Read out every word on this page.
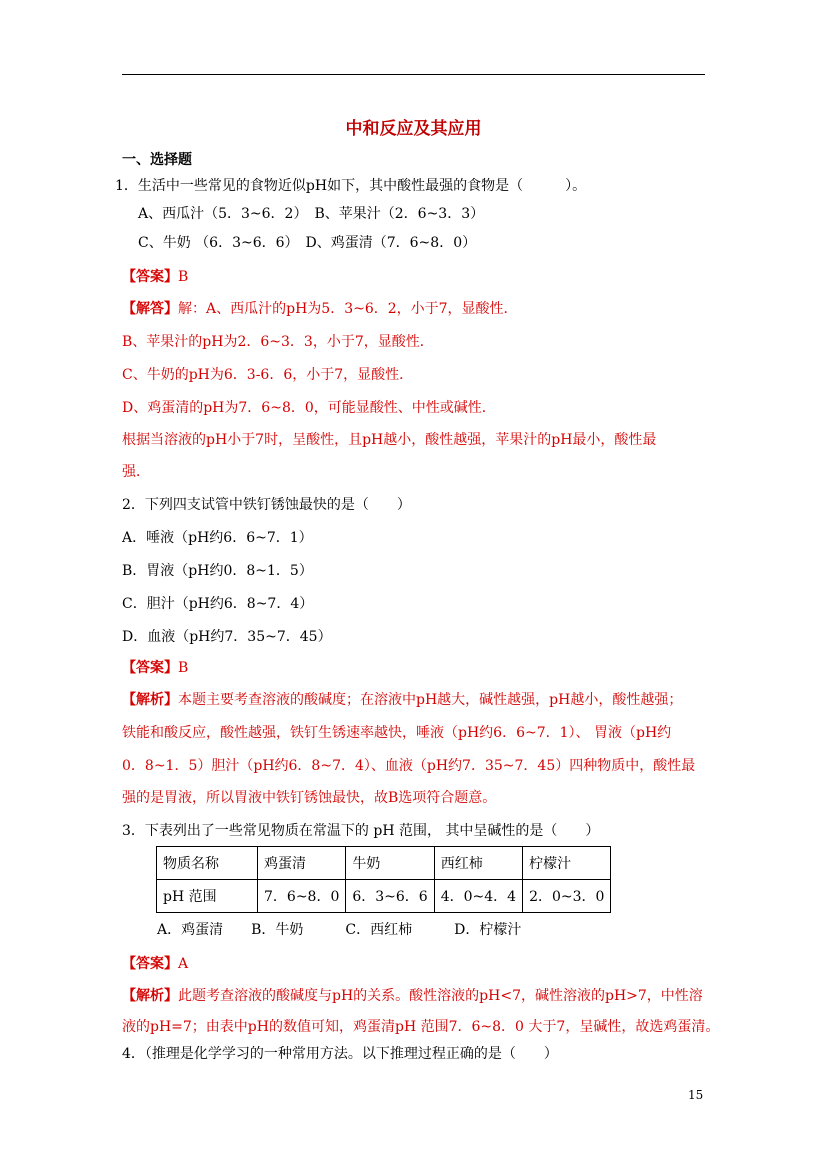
中和反应及其应用
一、选择题
1．生活中一些常见的食物近似pH如下，其中酸性最强的食物是（　　　）。
A、西瓜汁（5．3~6．2）　B、苹果汁（2．6~3．3）
C、牛奶 （6．3~6．6）　D、鸡蛋清（7．6~8．0）
【答案】B
【解答】解：A、西瓜汁的pH为5．3~6．2，小于7，显酸性．
B、苹果汁的pH为2．6~3．3，小于7，显酸性．
C、牛奶的pH为6．3-6．6，小于7，显酸性．
D、鸡蛋清的pH为7．6~8．0，可能显酸性、中性或碱性．
根据当溶液的pH小于7时，呈酸性，且pH越小，酸性越强，苹果汁的pH最小，酸性最
强．
2．下列四支试管中铁钉锈蚀最快的是（　　）
A．唾液（pH约6．6~7．1）
B．胃液（pH约0．8~1．5）
C．胆汁（pH约6．8~7．4）
D．血液（pH约7．35~7．45）
【答案】B
【解析】本题主要考查溶液的酸碱度；在溶液中pH越大，碱性越强，pH越小，酸性越强；
铁能和酸反应，酸性越强，铁钉生锈速率越快，唾液（pH约6．6~7．1）、 胃液（pH约
0．8~1．5）胆汁（pH约6．8~7．4）、血液（pH约7．35~7．45）四种物质中，酸性最
强的是胃液，所以胃液中铁钉锈蚀最快，故B选项符合题意。
3．下表列出了一些常见物质在常温下的 pH 范围， 其中呈碱性的是（　　）
物质名称	鸡蛋清	牛奶	西红柿	柠檬汁
pH 范围	7．6~8．0	6．3~6．6	4．0~4．4	2．0~3．0
A．鸡蛋清　　B．牛奶　　　C．西红柿　　　D．柠檬汁
【答案】A
【解析】此题考查溶液的酸碱度与pH的关系。酸性溶液的pH<7，碱性溶液的pH>7，中性溶
液的pH=7；由表中pH的数值可知，鸡蛋清pH 范围7．6~8．0 大于7，呈碱性，故选鸡蛋清。
4．（推理是化学学习的一种常用方法。以下推理过程正确的是（　　）
15
